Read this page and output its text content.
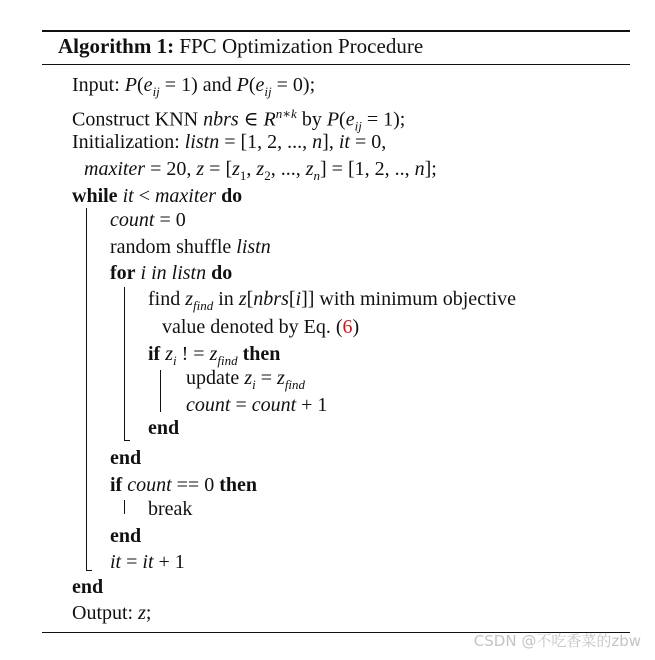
Algorithm 1: FPC Optimization Procedure
Input: $P(e_{ij} = 1)$ and $P(e_{ij} = 0)$;
Construct KNN nbrs ∈ $R^{n∗k}$ by $P(e_{ij} = 1)$;
Initialization: listn = [1, 2, ..., n], it = 0,
maxiter = 20, $z = [z_1$, $z_2$, ..., $z_n] = [1$, 2, .., n];
while it < maxiter do
count = 0
random shuffle listn
for i in listn do
find $z_{find}$ in z[nbrs[i]] with minimum objective
value denoted by Eq. (6)
if $z_i$ ! = $z_{find}$ then
update $z_i = z_{find}$
count = count + 1
end
end
if count == 0 then
break
end
it = it + 1
end
Output: z;
CSDN @不吃香菜的zbw
